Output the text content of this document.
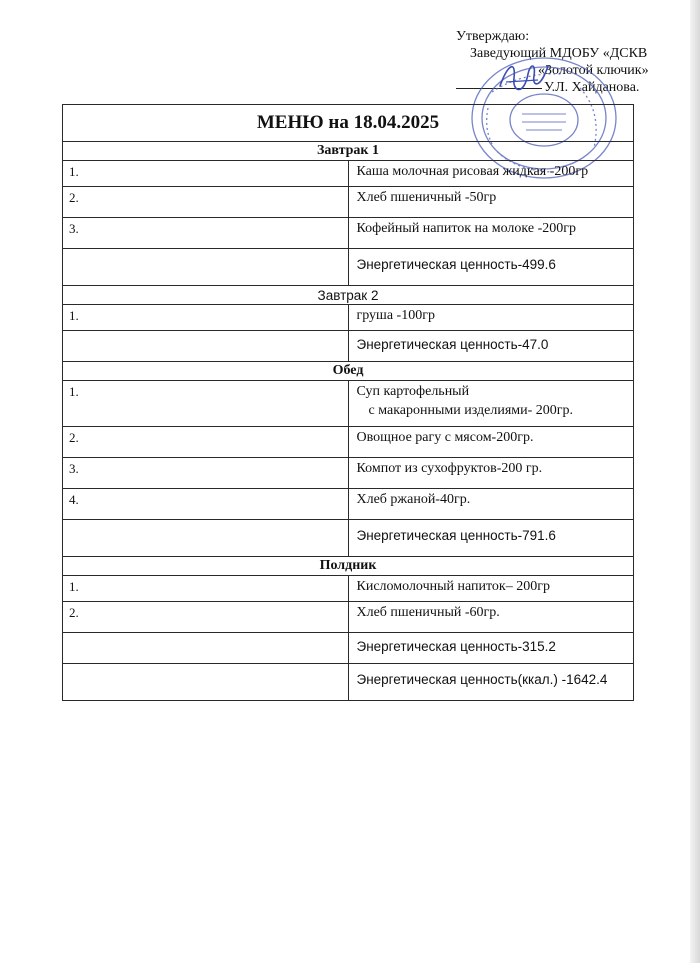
Утверждаю:
Заведующий МДОБУ «ДСКВ
«Золотой ключик»
У.Л. Хайданова.
МЕНЮ на 18.04.2025	
Завтрак 1	
1.	Каша молочная рисовая жидкая -200гр
2.	Хлеб пшеничный -50гр
3.	Кофейный напиток на молоке -200гр
	Энергетическая ценность-499.6
Завтрак 2	
1.	груша -100гр
	Энергетическая ценность-47.0
Обед	
1.	Суп картофельный
с макаронными изделиями- 200гр.

2.	Овощное рагу с мясом-200гр.
3.	Компот из сухофруктов-200 гр.
4.	Хлеб ржаной-40гр.
	Энергетическая ценность-791.6
Полдник	
1.	Кисломолочный напиток– 200гр
2.	Хлеб пшеничный -60гр.
	Энергетическая ценность-315.2
	Энергетическая ценность(ккал.) -1642.4
